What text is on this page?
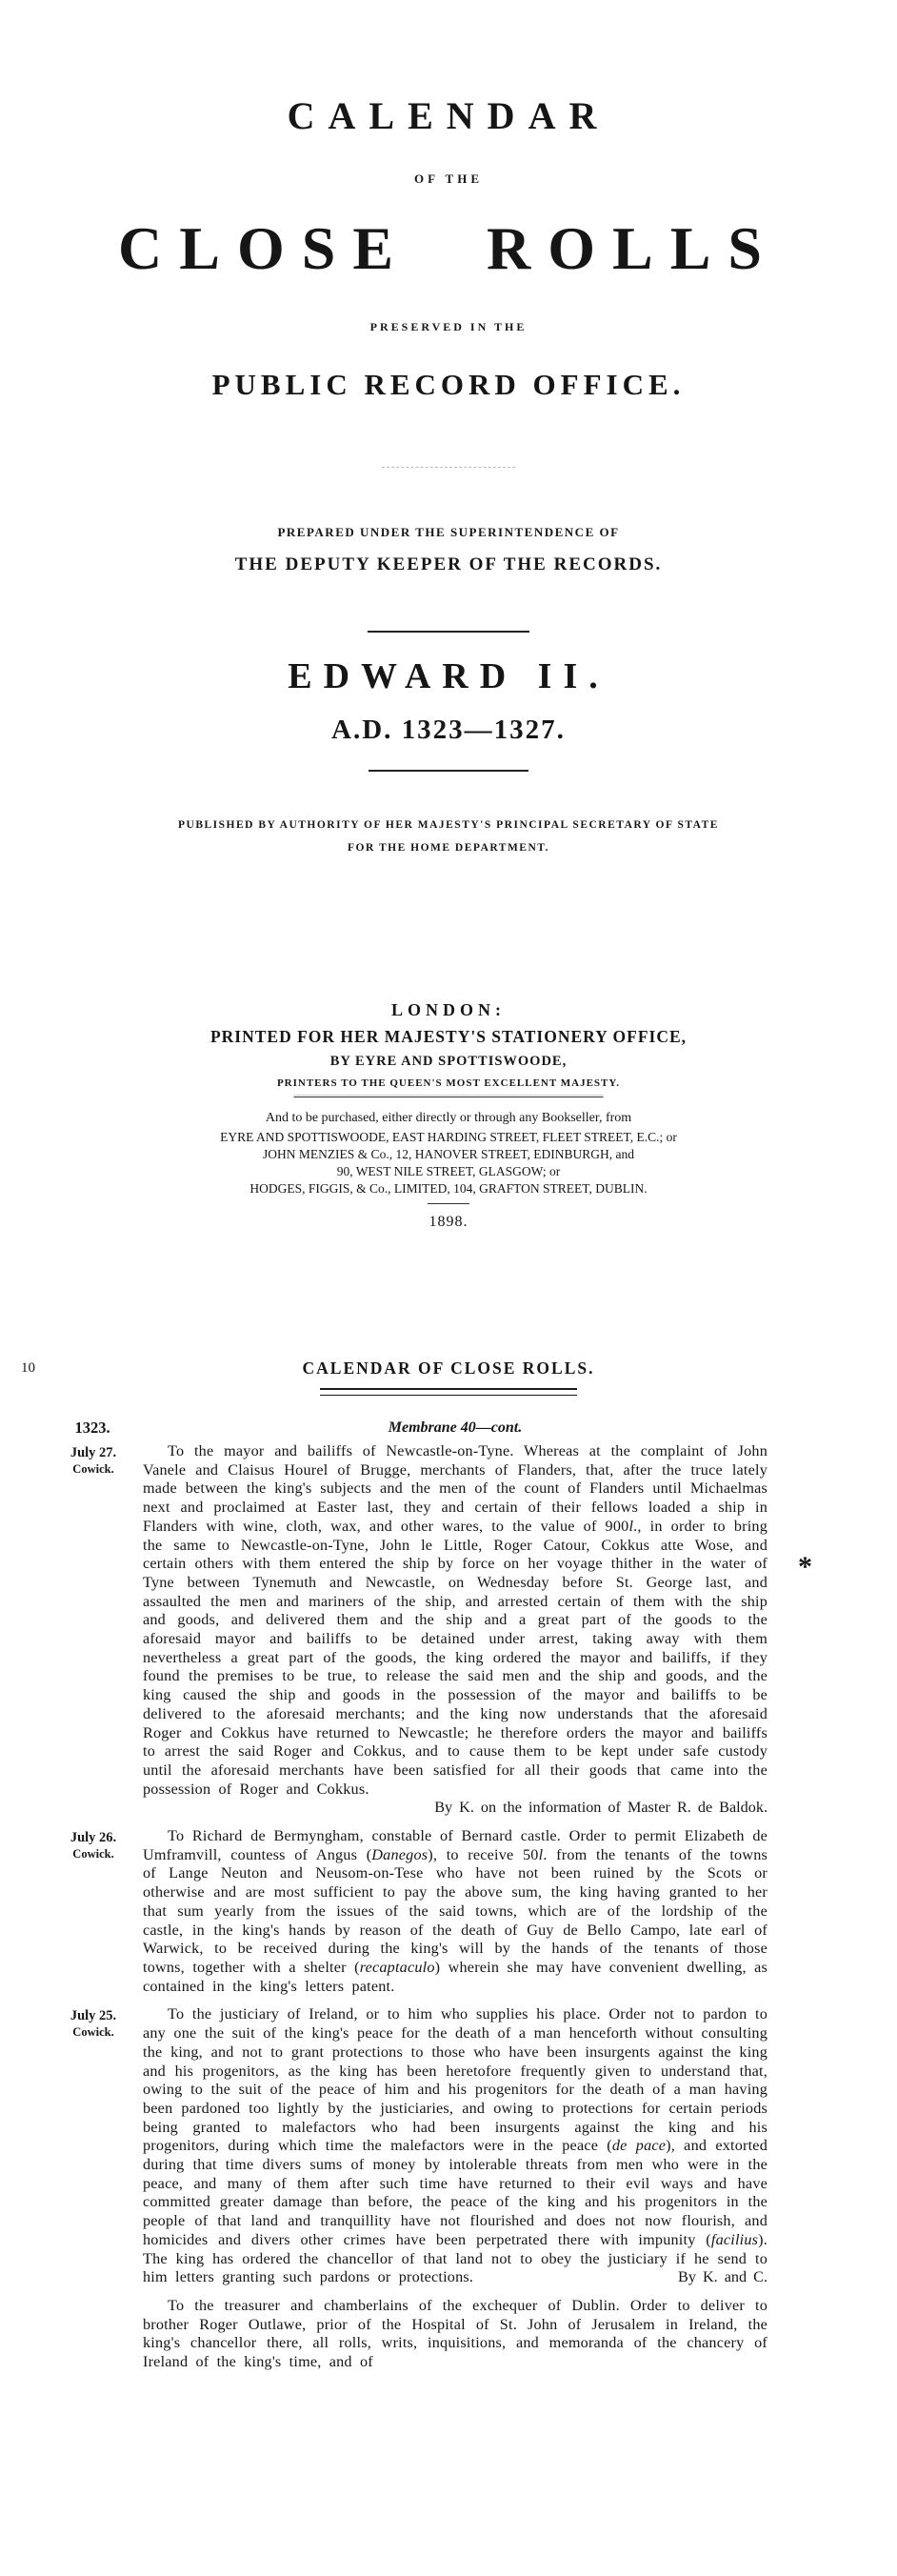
CALENDAR
OF THE
CLOSE ROLLS
PRESERVED IN THE
PUBLIC RECORD OFFICE.
PREPARED UNDER THE SUPERINTENDENCE OF
THE DEPUTY KEEPER OF THE RECORDS.
EDWARD II.
A.D. 1323—1327.
PUBLISHED BY AUTHORITY OF HER MAJESTY'S PRINCIPAL SECRETARY OF STATE
FOR THE HOME DEPARTMENT.
LONDON:
PRINTED FOR HER MAJESTY'S STATIONERY OFFICE,
BY EYRE AND SPOTTISWOODE,
PRINTERS TO THE QUEEN'S MOST EXCELLENT MAJESTY.
And to be purchased, either directly or through any Bookseller, from
EYRE AND SPOTTISWOODE, EAST HARDING STREET, FLEET STREET, E.C.; or
JOHN MENZIES & Co., 12, HANOVER STREET, EDINBURGH, and
90, WEST NILE STREET, GLASGOW; or
HODGES, FIGGIS, & Co., LIMITED, 104, GRAFTON STREET, DUBLIN.
1898.
10	CALENDAR OF CLOSE ROLLS.
1323.
*
Membrane 40—cont.
July 27.
Cowick.

To the mayor and bailiffs of Newcastle-on-Tyne. Whereas at the complaint of John Vanele and Claisus Hourel of Brugge, merchants of Flanders, that, after the truce lately made between the king's subjects and the men of the count of Flanders until Michaelmas next and proclaimed at Easter last, they and certain of their fellows loaded a ship in Flanders with wine, cloth, wax, and other wares, to the value of 900l., in order to bring the same to Newcastle-on-Tyne, John le Little, Roger Catour, Cokkus atte Wose, and certain others with them entered the ship by force on her voyage thither in the water of Tyne between Tynemuth and Newcastle, on Wednesday before St. George last, and assaulted the men and mariners of the ship, and arrested certain of them with the ship and goods, and delivered them and the ship and a great part of the goods to the aforesaid mayor and bailiffs to be detained under arrest, taking away with them nevertheless a great part of the goods, the king ordered the mayor and bailiffs, if they found the premises to be true, to release the said men and the ship and goods, and the king caused the ship and goods in the possession of the mayor and bailiffs to be delivered to the aforesaid merchants; and the king now understands that the aforesaid Roger and Cokkus have returned to Newcastle; he therefore orders the mayor and bailiffs to arrest the said Roger and Cokkus, and to cause them to be kept under safe custody until the aforesaid merchants have been satisfied for all their goods that came into the possession of Roger and Cokkus.

By K. on the information of Master R. de Baldok.
July 26.
Cowick.

To Richard de Bermyngham, constable of Bernard castle. Order to permit Elizabeth de Umframvill, countess of Angus (Danegos), to receive 50l. from the tenants of the towns of Lange Neuton and Neusom-on-Tese who have not been ruined by the Scots or otherwise and are most sufficient to pay the above sum, the king having granted to her that sum yearly from the issues of the said towns, which are of the lordship of the castle, in the king's hands by reason of the death of Guy de Bello Campo, late earl of Warwick, to be received during the king's will by the hands of the tenants of those towns, together with a shelter (recaptaculo) wherein she may have convenient dwelling, as contained in the king's letters patent.

July 25.
Cowick.

To the justiciary of Ireland, or to him who supplies his place. Order not to pardon to any one the suit of the king's peace for the death of a man henceforth without consulting the king, and not to grant protections to those who have been insurgents against the king and his progenitors, as the king has been heretofore frequently given to understand that, owing to the suit of the peace of him and his progenitors for the death of a man having been pardoned too lightly by the justiciaries, and owing to protections for certain periods being granted to malefactors who had been insurgents against the king and his progenitors, during which time the malefactors were in the peace (de pace), and extorted during that time divers sums of money by intolerable threats from men who were in the peace, and many of them after such time have returned to their evil ways and have committed greater damage than before, the peace of the king and his progenitors in the people of that land and tranquillity have not flourished and does not now flourish, and homicides and divers other crimes have been perpetrated there with impunity (facilius). The king has ordered the chancellor of that land not to obey the justiciary if he send to him letters granting such pardons or protections.	By K. and C.

To the treasurer and chamberlains of the exchequer of Dublin. Order to deliver to brother Roger Outlawe, prior of the Hospital of St. John of Jerusalem in Ireland, the king's chancellor there, all rolls, writs, inquisitions, and memoranda of the chancery of Ireland of the king's time, and of
